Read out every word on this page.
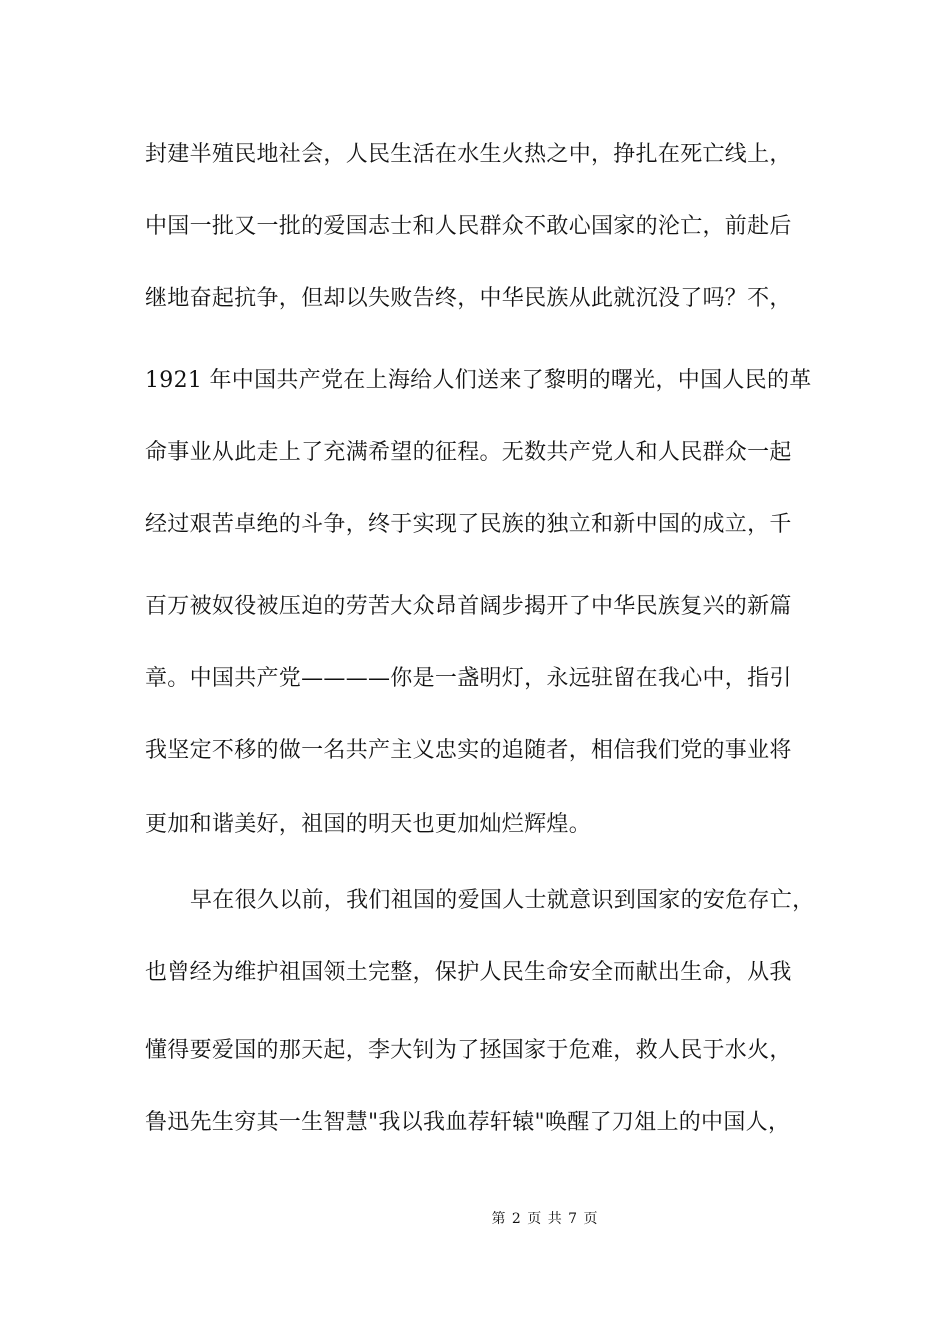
封建半殖民地社会，人民生活在水生火热之中，挣扎在死亡线上，
中国一批又一批的爱国志士和人民群众不敢心国家的沦亡，前赴后
继地奋起抗争，但却以失败告终，中华民族从此就沉没了吗？不，
1921 年中国共产党在上海给人们送来了黎明的曙光，中国人民的革
命事业从此走上了充满希望的征程。无数共产党人和人民群众一起
经过艰苦卓绝的斗争，终于实现了民族的独立和新中国的成立，千
百万被奴役被压迫的劳苦大众昂首阔步揭开了中华民族复兴的新篇
章。中国共产党————你是一盏明灯，永远驻留在我心中，指引
我坚定不移的做一名共产主义忠实的追随者，相信我们党的事业将
更加和谐美好，祖国的明天也更加灿烂辉煌。
早在很久以前，我们祖国的爱国人士就意识到国家的安危存亡，
也曾经为维护祖国领土完整，保护人民生命安全而献出生命，从我
懂得要爱国的那天起，李大钊为了拯国家于危难，救人民于水火，
鲁迅先生穷其一生智慧"我以我血荐轩辕"唤醒了刀俎上的中国人，
第 2 页 共 7 页
